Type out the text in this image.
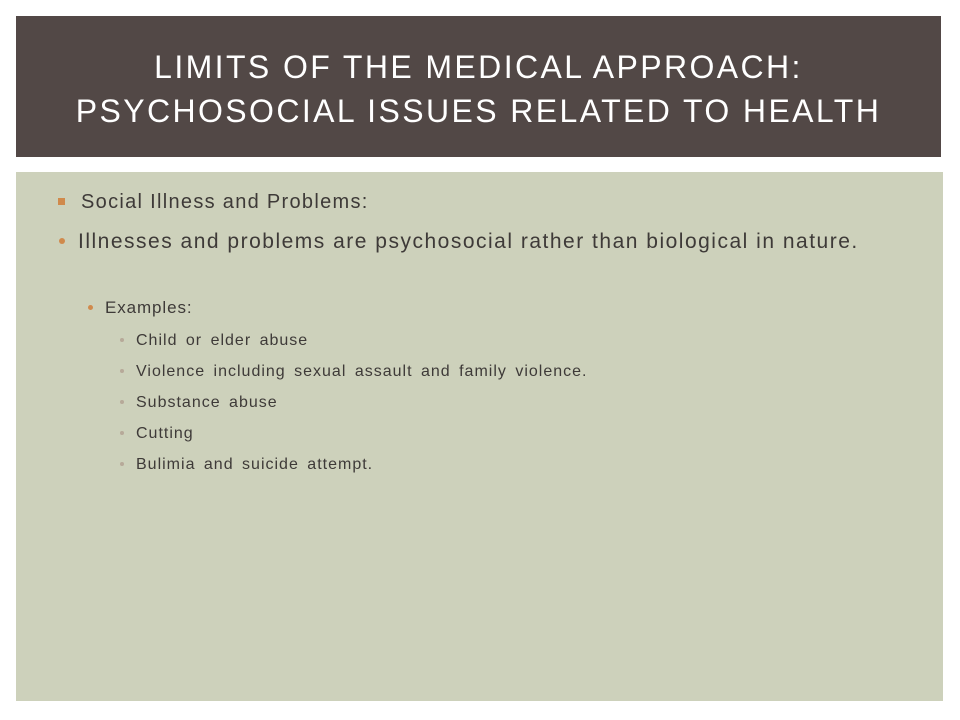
LIMITS OF THE MEDICAL APPROACH:
PSYCHOSOCIAL ISSUES RELATED TO HEALTH
Social Illness and Problems:
Illnesses and problems are psychosocial rather than biological in nature.
Examples:
Child or elder abuse
Violence including sexual assault and family violence.
Substance abuse
Cutting
Bulimia and suicide attempt.
